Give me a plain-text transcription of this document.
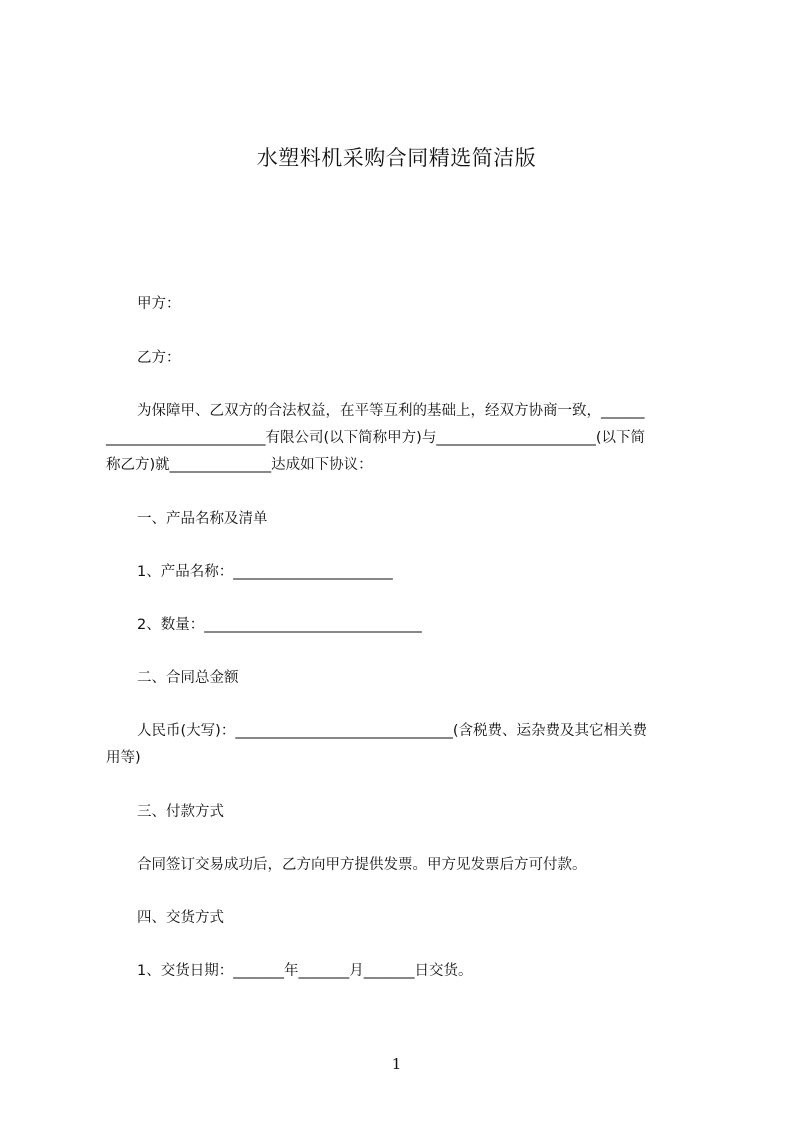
水塑料机采购合同精选简洁版
甲方：
乙方：
为保障甲、乙双方的合法权益，在平等互利的基础上，经双方协商一致，______
______________________有限公司(以下简称甲方)与______________________(以下简
称乙方)就______________达成如下协议：
一、产品名称及清单
1、产品名称：______________________
2、数量：______________________________
二、合同总金额
人民币(大写)：______________________________(含税费、运杂费及其它相关费
用等)
三、付款方式
合同签订交易成功后，乙方向甲方提供发票。甲方见发票后方可付款。
四、交货方式
1、交货日期：_______年_______月_______日交货。
1
